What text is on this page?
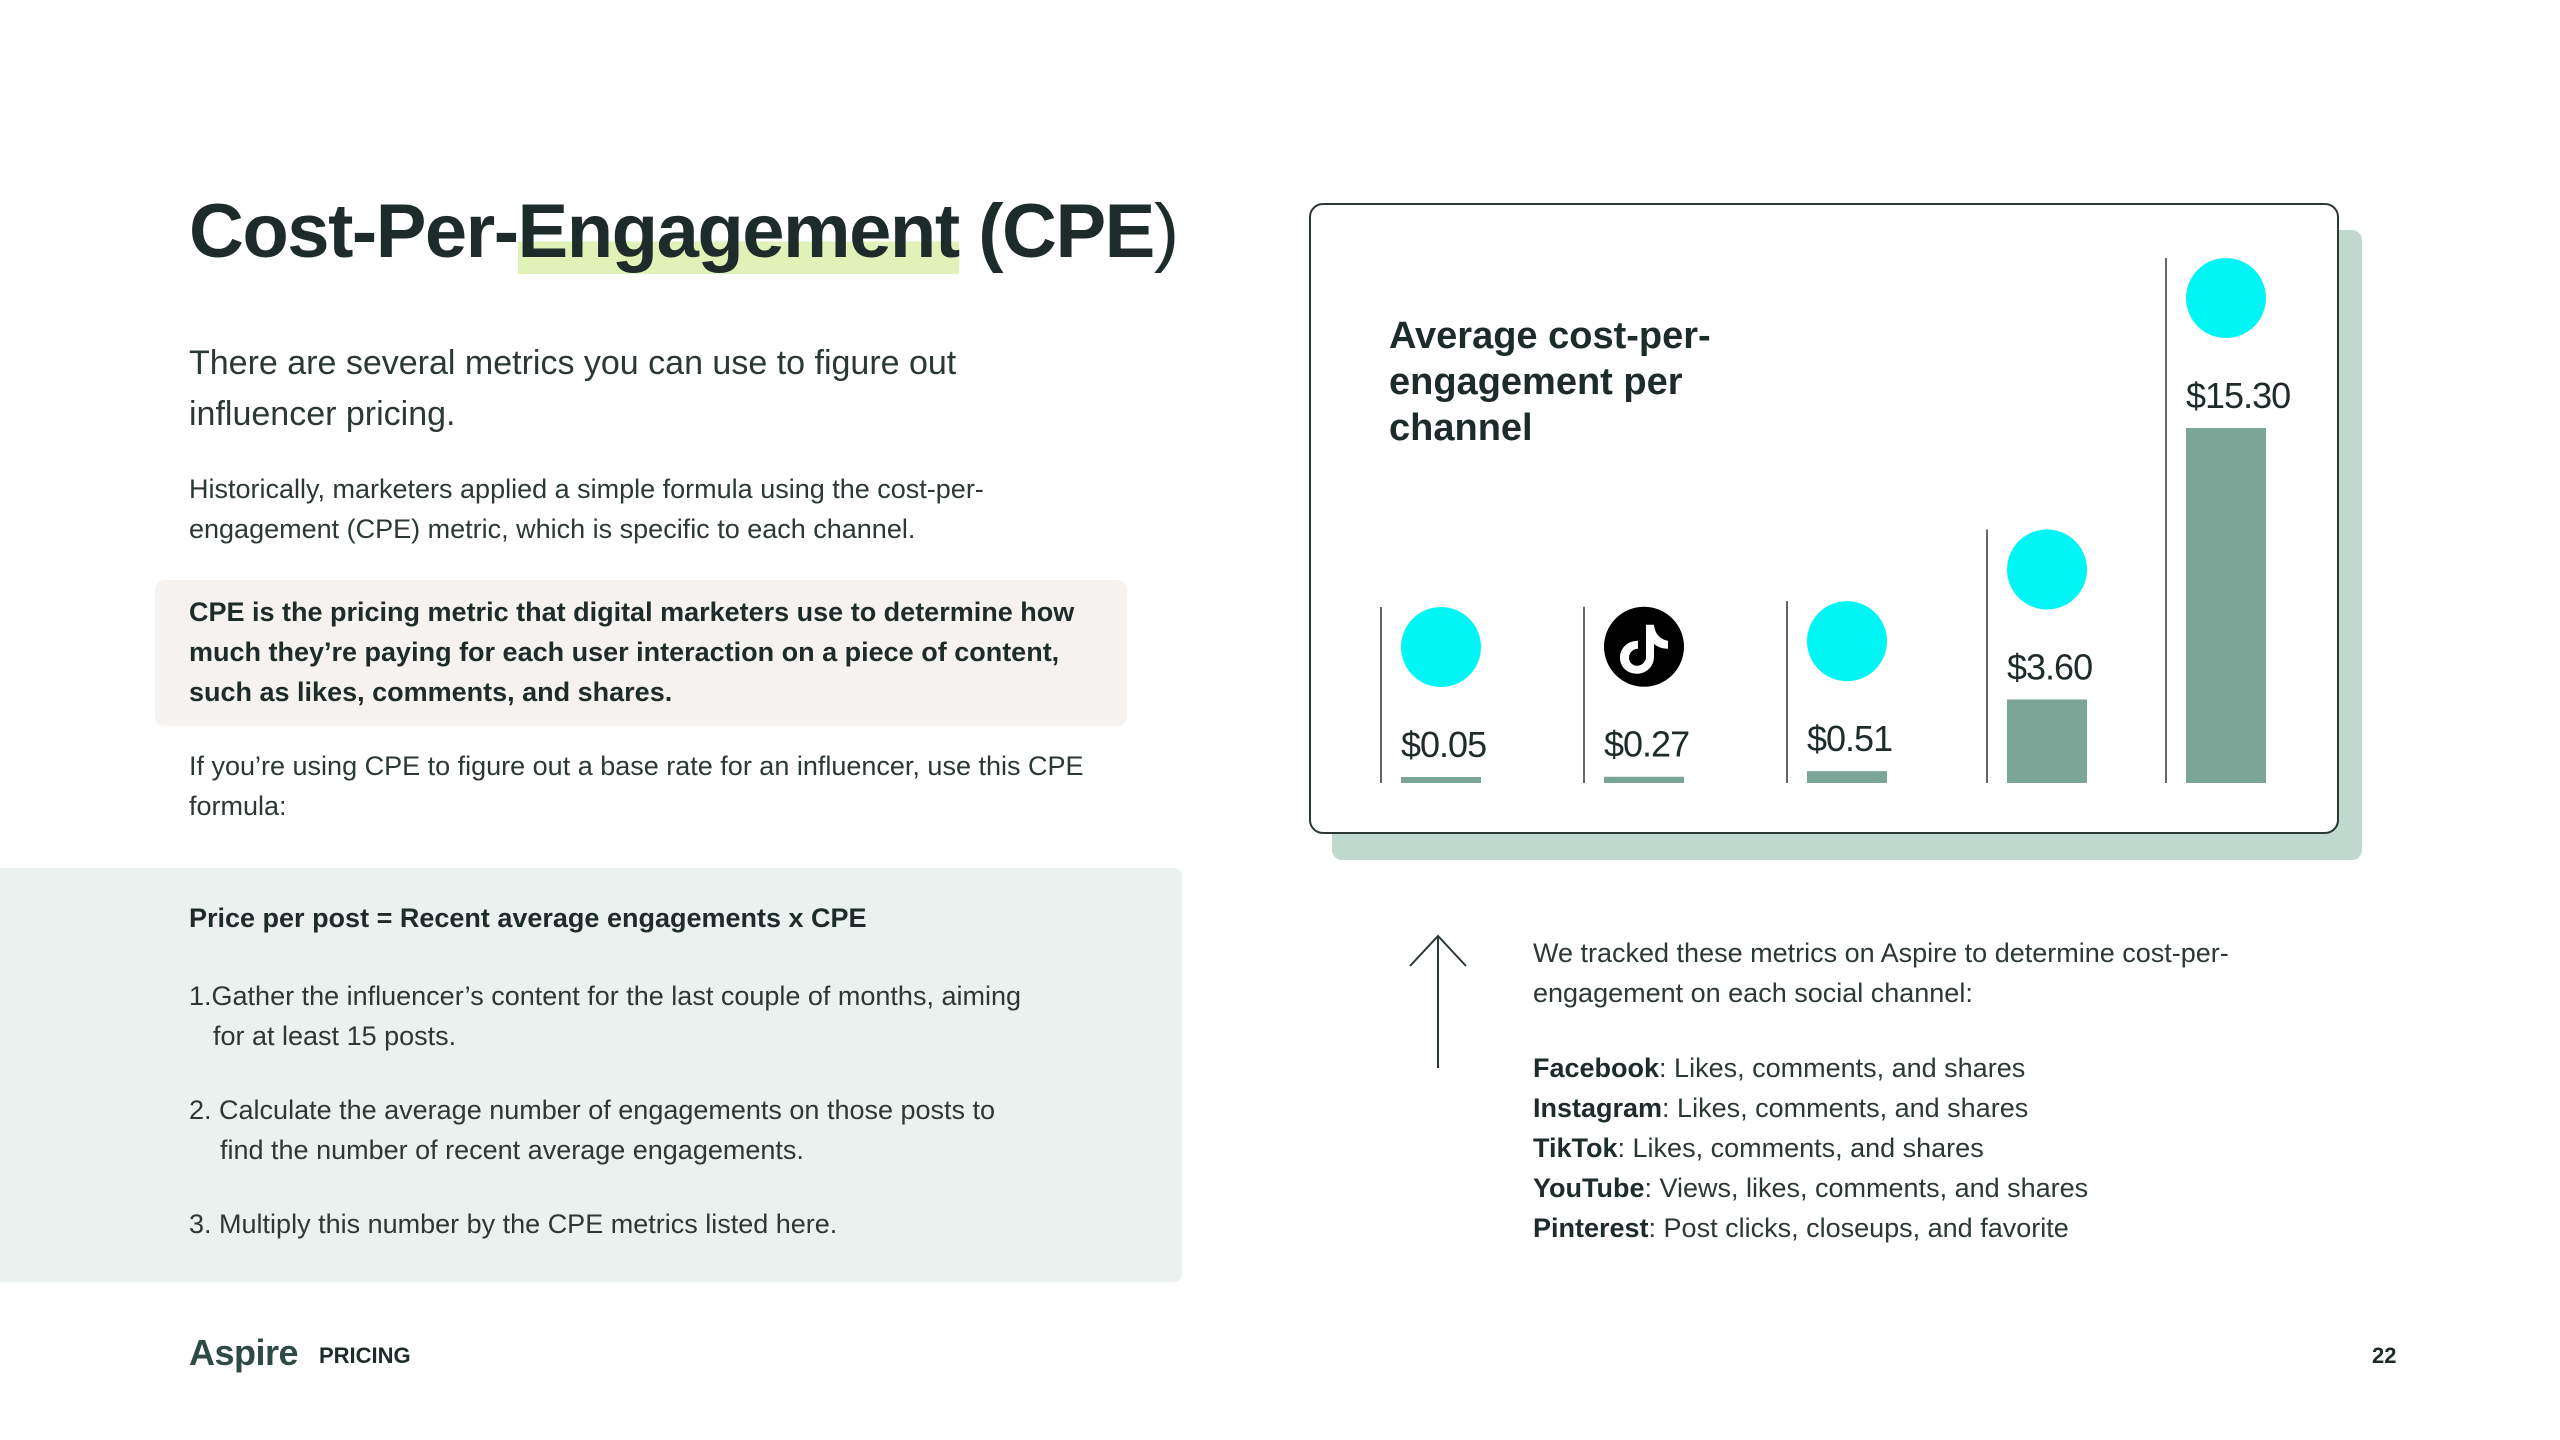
Cost-Per-Engagement (CPE)
There are several metrics you can use to figure out influencer pricing.
Historically, marketers applied a simple formula using the cost-per-engagement (CPE) metric, which is specific to each channel.
CPE is the pricing metric that digital marketers use to determine how much they’re paying for each user interaction on a piece of content, such as likes, comments, and shares.
If you’re using CPE to figure out a base rate for an influencer, use this CPE formula:
Price per post = Recent average engagements x CPE
1.Gather the influencer’s content for the last couple of months, aiming
for at least 15 posts.
2. Calculate the average number of engagements on those posts to
find the number of recent average engagements.
3. Multiply this number by the CPE metrics listed here.
Average cost-per-engagement per channel
$0.05	$0.27	$0.51
$3.60
$15.30
We tracked these metrics on Aspire to determine cost-per-engagement on each social channel:
Facebook: Likes, comments, and shares
Instagram: Likes, comments, and shares
TikTok: Likes, comments, and shares
YouTube: Views, likes, comments, and shares
Pinterest: Post clicks, closeups, and favorite
Aspire PRICING	22
